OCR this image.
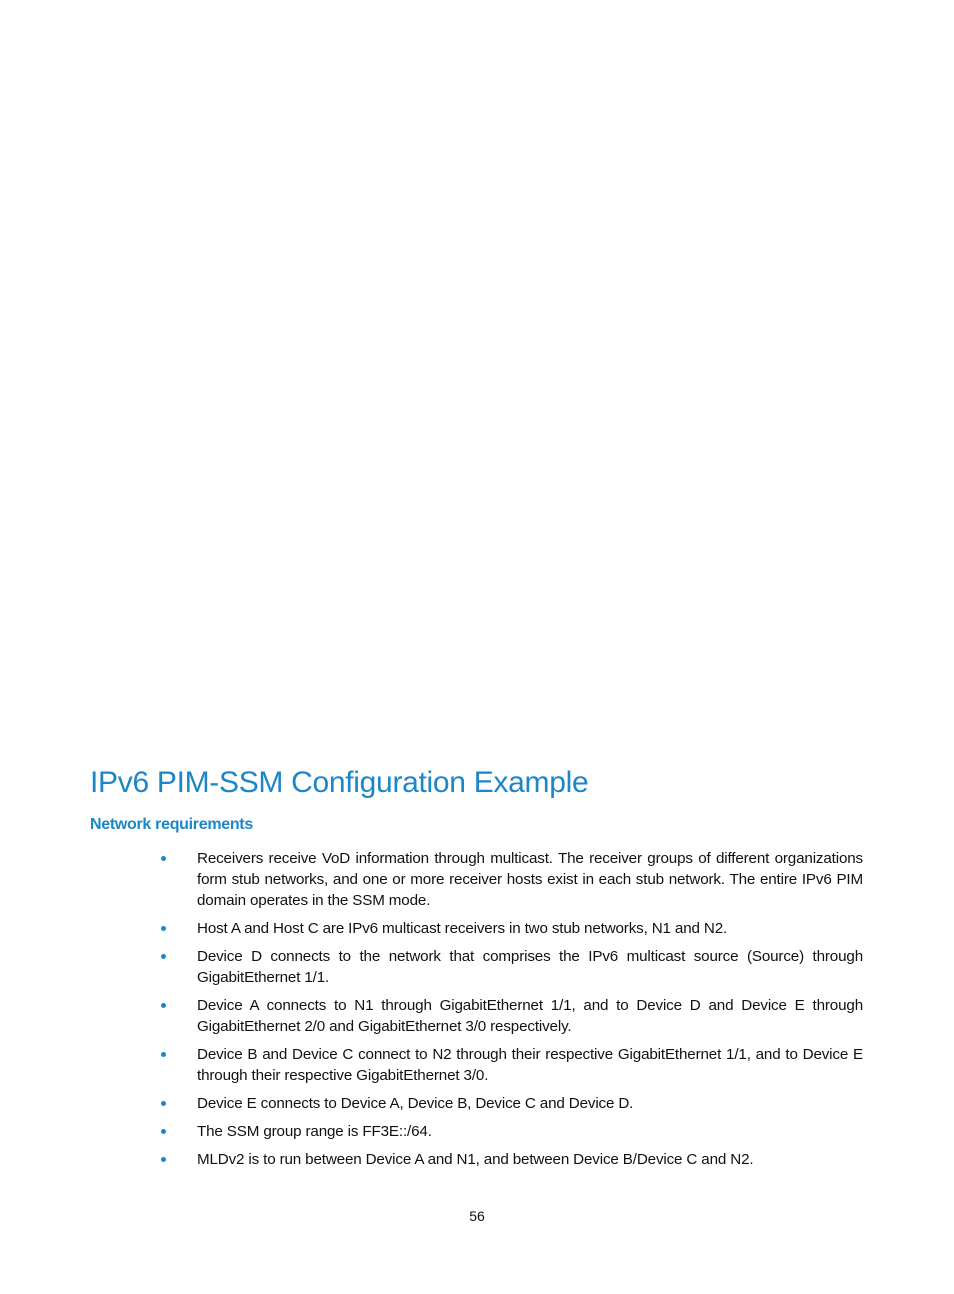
IPv6 PIM-SSM Configuration Example
Network requirements
Receivers receive VoD information through multicast. The receiver groups of different organizations form stub networks, and one or more receiver hosts exist in each stub network. The entire IPv6 PIM domain operates in the SSM mode.
Host A and Host C are IPv6 multicast receivers in two stub networks, N1 and N2.
Device D connects to the network that comprises the IPv6 multicast source (Source) through GigabitEthernet 1/1.
Device A connects to N1 through GigabitEthernet 1/1, and to Device D and Device E through GigabitEthernet 2/0 and GigabitEthernet 3/0 respectively.
Device B and Device C connect to N2 through their respective GigabitEthernet 1/1, and to Device E through their respective GigabitEthernet 3/0.
Device E connects to Device A, Device B, Device C and Device D.
The SSM group range is FF3E::/64.
MLDv2 is to run between Device A and N1, and between Device B/Device C and N2.
56
